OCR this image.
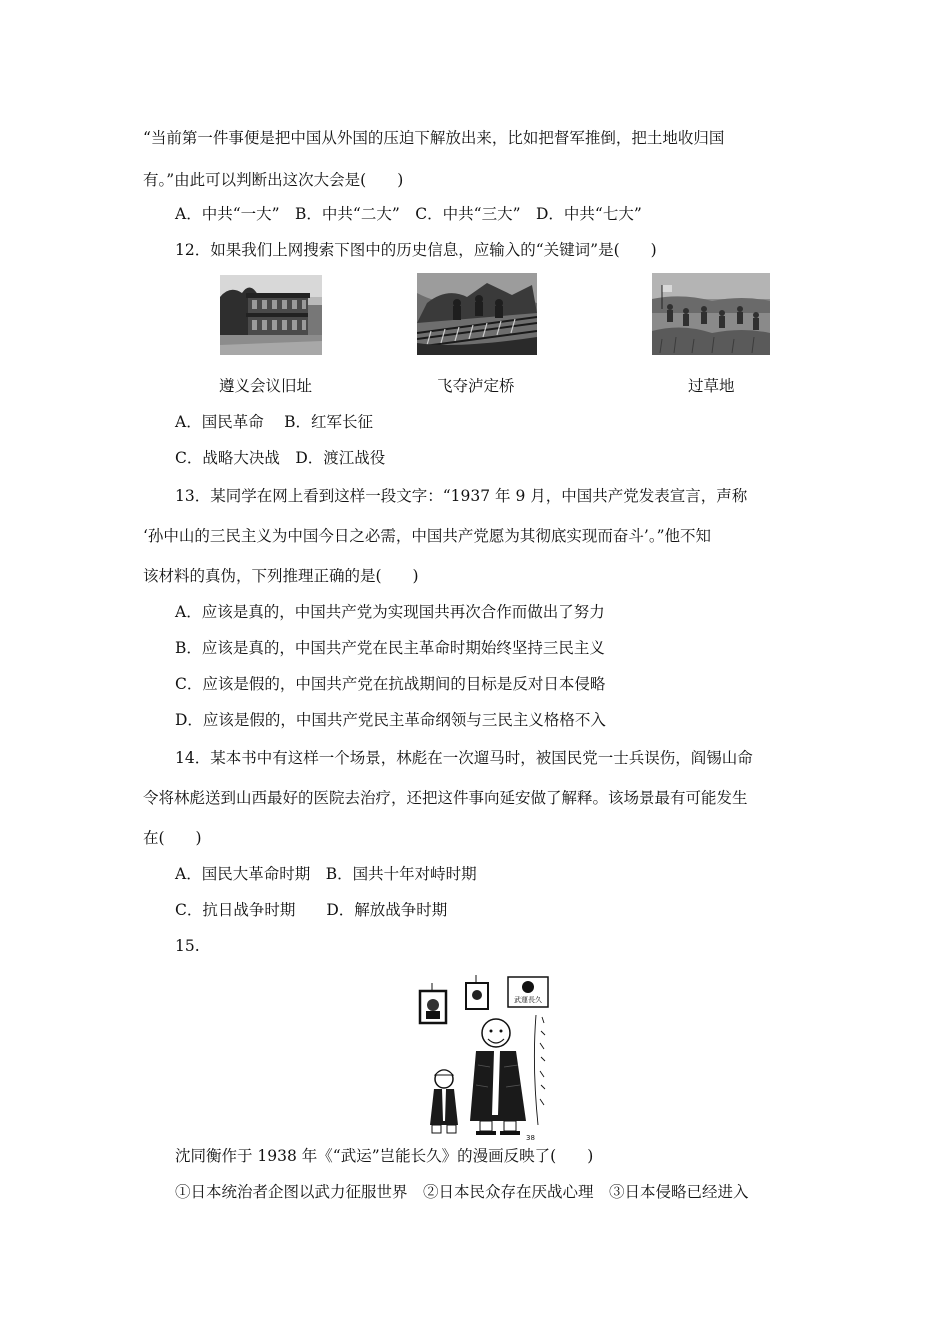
“当前第一件事便是把中国从外国的压迫下解放出来，比如把督军推倒，把土地收归国
有。”由此可以判断出这次大会是(　　)
A．中共“一大”　B．中共“二大”　C．中共“三大”　D．中共“七大”
12．如果我们上网搜索下图中的历史信息，应输入的“关键词”是(　　)
遵义会议旧址	飞夺泸定桥	过草地
A．国民革命　 B．红军长征
C．战略大决战　D．渡江战役
13．某同学在网上看到这样一段文字：“1937 年 9 月，中国共产党发表宣言，声称
‘孙中山的三民主义为中国今日之必需，中国共产党愿为其彻底实现而奋斗’。”他不知
该材料的真伪，下列推理正确的是(　　)
A．应该是真的，中国共产党为实现国共再次合作而做出了努力
B．应该是真的，中国共产党在民主革命时期始终坚持三民主义
C．应该是假的，中国共产党在抗战期间的目标是反对日本侵略
D．应该是假的，中国共产党民主革命纲领与三民主义格格不入
14．某本书中有这样一个场景，林彪在一次遛马时，被国民党一士兵误伤，阎锡山命
令将林彪送到山西最好的医院去治疗，还把这件事向延安做了解释。该场景最有可能发生
在(　　)
A．国民大革命时期　B．国共十年对峙时期
C．抗日战争时期　　D．解放战争时期
15.
武運長久
38
沈同衡作于 1938 年《“武运”岂能长久》的漫画反映了(　　)
①日本统治者企图以武力征服世界　②日本民众存在厌战心理　③日本侵略已经进入
